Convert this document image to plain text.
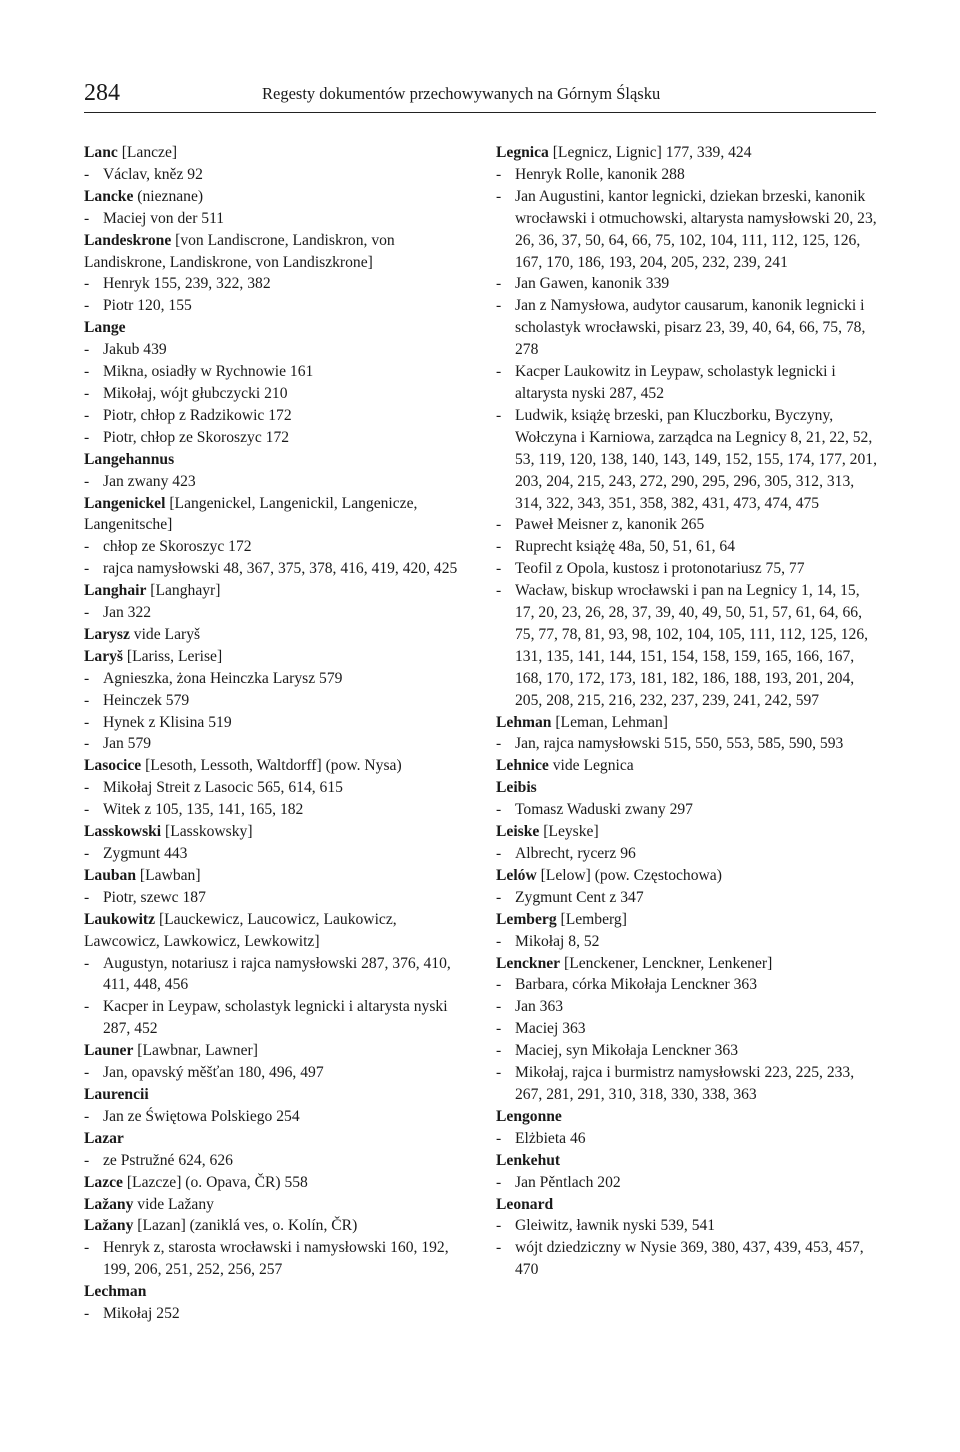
284	Regesty dokumentów przechowywanych na Górnym Śląsku

Lanc [Lancze]

- Václav, kněz 92

Lancke (nieznane)

- Maciej von der 511

Landeskrone [von Landiscrone, Landiskron, von Landiskrone, Landiskrone, von Landiszkrone]

- Henryk 155, 239, 322, 382

- Piotr 120, 155

Lange

- Jakub 439

- Mikna, osiadły w Rychnowie 161

- Mikołaj, wójt głubczycki 210

- Piotr, chłop z Radzikowic 172

- Piotr, chłop ze Skoroszyc 172

Langehannus

- Jan zwany 423

Langenickel [Langenickel, Langenickil, Langenicze, Langenitsche]

- chłop ze Skoroszyc 172

- rajca namysłowski 48, 367, 375, 378, 416, 419, 420, 425

Langhair [Langhayr]

- Jan 322

Larysz vide Laryš

Laryš [Lariss, Lerise]

- Agnieszka, żona Heinczka Larysz 579

- Heinczek 579

- Hynek z Klisina 519

- Jan 579

Lasocice [Lesoth, Lessoth, Waltdorff] (pow. Nysa)

- Mikołaj Streit z Lasocic 565, 614, 615

- Witek z 105, 135, 141, 165, 182

Lasskowski [Lasskowsky]

- Zygmunt 443

Lauban [Lawban]

- Piotr, szewc 187

Laukowitz [Lauckewicz, Laucowicz, Laukowicz, Lawcowicz, Lawkowicz, Lewkowitz]

- Augustyn, notariusz i rajca namysłowski 287, 376, 410, 411, 448, 456

- Kacper in Leypaw, scholastyk legnicki i altarysta nyski 287, 452

Launer [Lawbnar, Lawner]

- Jan, opavský měšťan 180, 496, 497

Laurencii

- Jan ze Świętowa Polskiego 254

Lazar

- ze Pstružné 624, 626

Lazce [Lazcze] (o. Opava, ČR) 558

Lažany vide Lažany

Lažany [Lazan] (zaniklá ves, o. Kolín, ČR)

- Henryk z, starosta wrocławski i namysłowski 160, 192, 199, 206, 251, 252, 256, 257

Lechman

- Mikołaj 252

Legnica [Legnicz, Lignic] 177, 339, 424

- Henryk Rolle, kanonik 288

- Jan Augustini, kantor legnicki, dziekan brzeski, kanonik wrocławski i otmuchowski, altarysta namysłowski 20, 23, 26, 36, 37, 50, 64, 66, 75, 102, 104, 111, 112, 125, 126, 167, 170, 186, 193, 204, 205, 232, 239, 241

- Jan Gawen, kanonik 339

- Jan z Namysłowa, audytor causarum, kanonik legnicki i scholastyk wrocławski, pisarz 23, 39, 40, 64, 66, 75, 78, 278

- Kacper Laukowitz in Leypaw, scholastyk legnicki i altarysta nyski 287, 452

- Ludwik, książę brzeski, pan Kluczborku, Byczyny, Wołczyna i Karniowa, zarządca na Legnicy 8, 21, 22, 52, 53, 119, 120, 138, 140, 143, 149, 152, 155, 174, 177, 201, 203, 204, 215, 243, 272, 290, 295, 296, 305, 312, 313, 314, 322, 343, 351, 358, 382, 431, 473, 474, 475

- Paweł Meisner z, kanonik 265

- Ruprecht książę 48a, 50, 51, 61, 64

- Teofil z Opola, kustosz i protonotariusz 75, 77

- Wacław, biskup wrocławski i pan na Legnicy 1, 14, 15, 17, 20, 23, 26, 28, 37, 39, 40, 49, 50, 51, 57, 61, 64, 66, 75, 77, 78, 81, 93, 98, 102, 104, 105, 111, 112, 125, 126, 131, 135, 141, 144, 151, 154, 158, 159, 165, 166, 167, 168, 170, 172, 173, 181, 182, 186, 188, 193, 201, 204, 205, 208, 215, 216, 232, 237, 239, 241, 242, 597

Lehman [Leman, Lehman]

- Jan, rajca namysłowski 515, 550, 553, 585, 590, 593

Lehnice vide Legnica

Leibis

- Tomasz Waduski zwany 297

Leiske [Leyske]

- Albrecht, rycerz 96

Lelów [Lelow] (pow. Częstochowa)

- Zygmunt Cent z 347

Lemberg [Lemberg]

- Mikołaj 8, 52

Lenckner [Lenckener, Lenckner, Lenkener]

- Barbara, córka Mikołaja Lenckner 363

- Jan 363

- Maciej 363

- Maciej, syn Mikołaja Lenckner 363

- Mikołaj, rajca i burmistrz namysłowski 223, 225, 233, 267, 281, 291, 310, 318, 330, 338, 363

Lengonne

- Elżbieta 46

Lenkehut

- Jan Pěntlach 202

Leonard

- Gleiwitz, ławnik nyski 539, 541

- wójt dziedziczny w Nysie 369, 380, 437, 439, 453, 457, 470
